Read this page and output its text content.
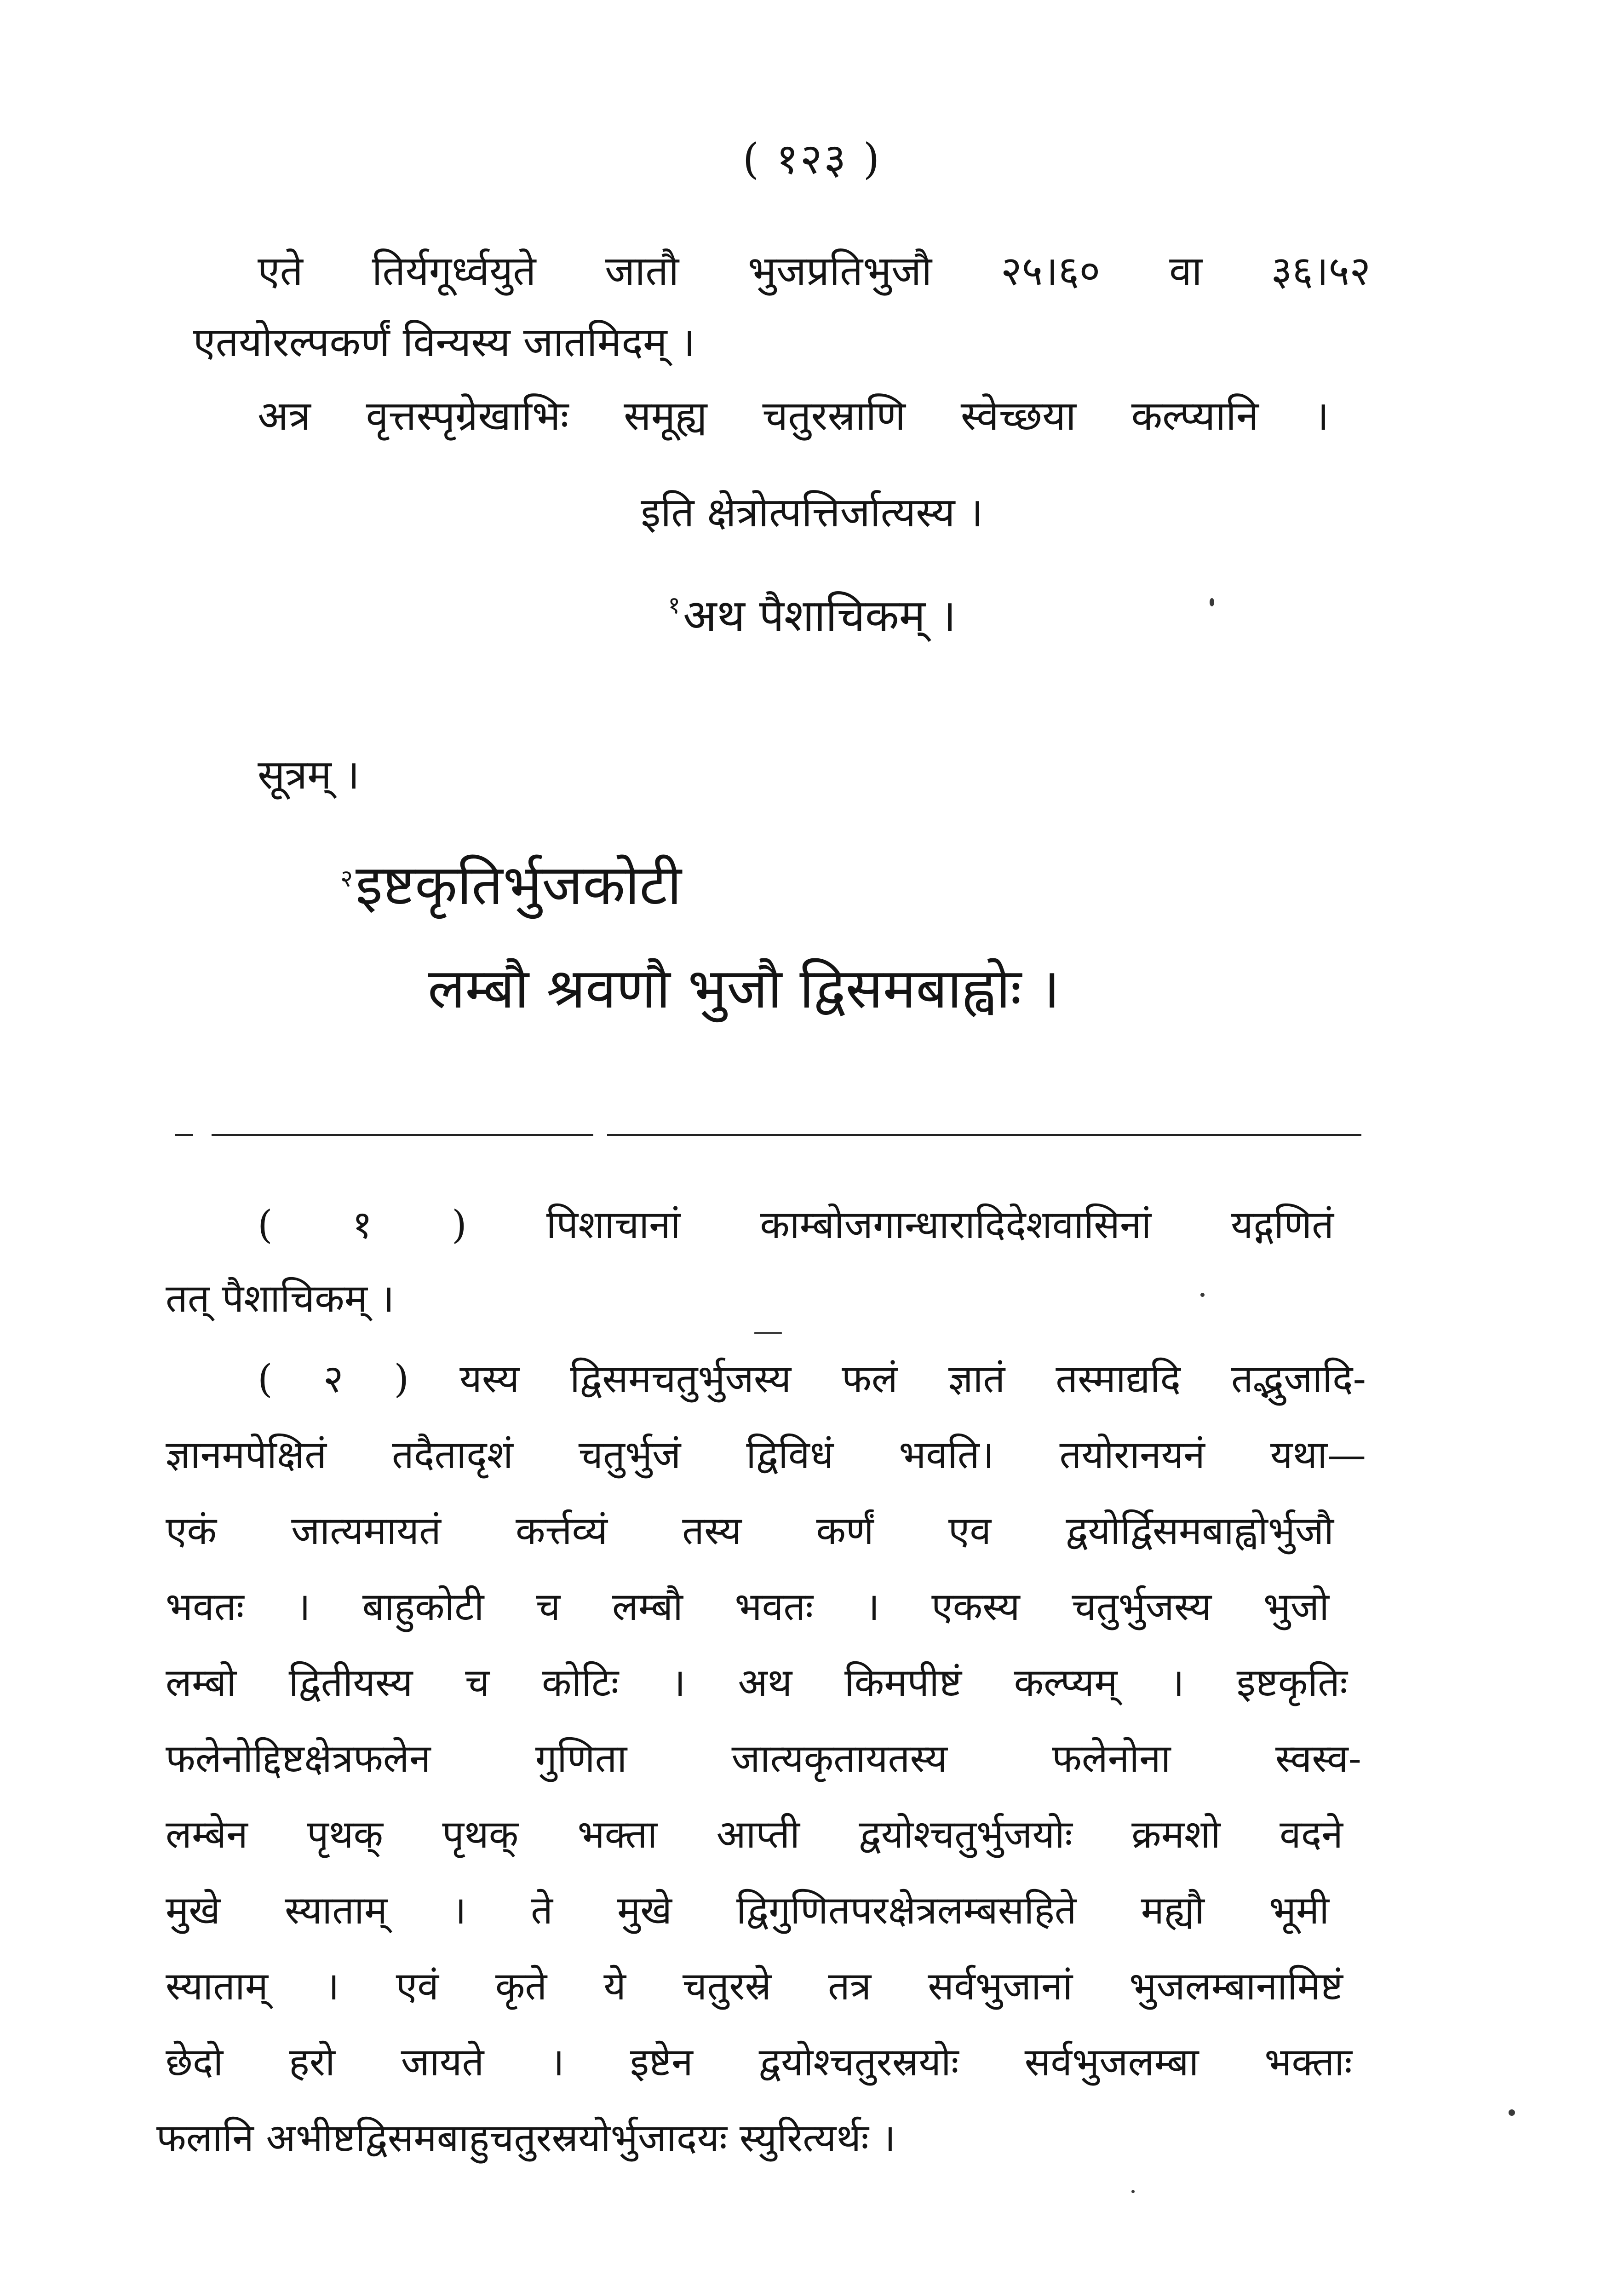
( १२३ )
एते तिर्यगूर्ध्वयुते जातौ भुजप्रतिभुजौ २५।६० वा ३६।५२
एतयोरल्पकर्णं विन्यस्य जातमिदम् ।
अत्र वृत्तस्पृग्रेखाभिः समूह्य चतुरस्राणि स्वेच्छया कल्प्यानि ।
इति क्षेत्रोत्पत्तिर्जात्यस्य ।
$^१$अथ पैशाचिकम् ।
सूत्रम् ।
$^२$इष्टकृतिर्भुजकोटी
लम्बौ श्रवणौ भुजौ द्विसमबाह्वोः ।
( १ ) पिशाचानां काम्बोजगान्धारादिदेशवासिनां यद्गणितं
तत् पैशाचिकम् ।
( २ ) यस्य द्विसमचतुर्भुजस्य फलं ज्ञातं तस्माद्यदि तद्भुजादि-
ज्ञानमपेक्षितं तदैतादृशं चतुर्भुजं द्विविधं भवति। तयोरानयनं यथा—
एकं जात्यमायतं कर्त्तव्यं तस्य कर्णं एव द्वयोर्द्विसमबाह्वोर्भुजौ
भवतः । बाहुकोटी च लम्बौ भवतः । एकस्य चतुर्भुजस्य भुजो
लम्बो द्वितीयस्य च कोटिः । अथ किमपीष्टं कल्प्यम् । इष्टकृतिः
फलेनोद्दिष्टक्षेत्रफलेन गुणिता जात्यकृतायतस्य फलेनोना स्वस्व-
लम्बेन पृथक् पृथक् भक्ता आप्ती द्वयोश्चतुर्भुजयोः क्रमशो वदने
मुखे स्याताम् । ते मुखे द्विगुणितपरक्षेत्रलम्बसहिते मह्यौ भूमी
स्याताम् । एवं कृते ये चतुरस्रे तत्र सर्वभुजानां भुजलम्बानामिष्टं
छेदो हरो जायते । इष्टेन द्वयोश्चतुरस्रयोः सर्वभुजलम्बा भक्ताः
फलानि अभीष्टद्विसमबाहुचतुरस्रयोर्भुजादयः स्युरित्यर्थः ।
